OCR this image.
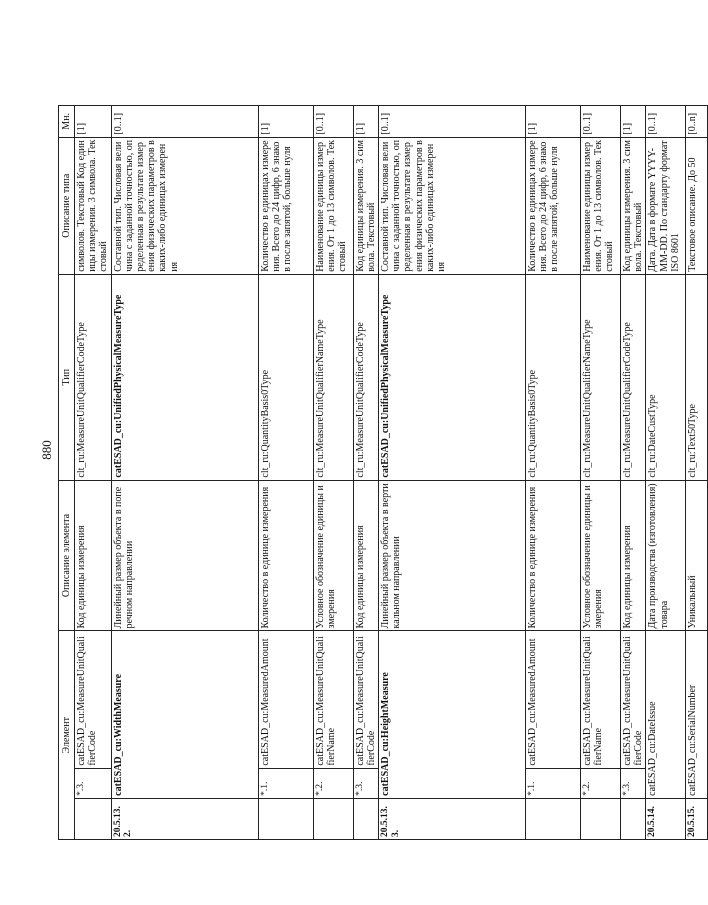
880
Элемент			Описание элемента	Тип	Описание типа	Мн.
	*.3.	catESAD_cu:MeasureUnitQualifierCode	Код единицы измерения	clt_ru:MeasureUnitQualifierCodeType	символов. Текстовый Код единицы измерения. 3 символа. Текстовый	[1]
20.5.13.2.	catESAD_cu:WidthMeasure		Линейный размер объекта в поперечном направлении	catESAD_cu:UnifiedPhysicalMeasureType	Составной тип. Числовая величина с заданной точностью, определенная в результате измерения физических параметров в каких-либо единицах измерения	[0..1]
	*.1.	catESAD_cu:MeasuredAmount	Количество в единице измерения	clt_ru:QuantityBasis0Type	Количество в единицах измерения. Всего до 24 цифр, 6 знаков после запятой, больше нуля	[1]
	*.2.	catESAD_cu:MeasureUnitQualifierName	Условное обозначение единицы измерения	clt_ru:MeasureUnitQualifierNameType	Наименование единицы измерения. От 1 до 13 символов. Текстовый	[0..1]
	*.3.	catESAD_cu:MeasureUnitQualifierCode	Код единицы измерения	clt_ru:MeasureUnitQualifierCodeType	Код единицы измерения. 3 символа. Текстовый	[1]
20.5.13.3.	catESAD_cu:HeightMeasure		Линейный размер объекта в вертикальном направлении	catESAD_cu:UnifiedPhysicalMeasureType	Составной тип. Числовая величина с заданной точностью, определенная в результате измерения физических параметров в каких-либо единицах измерения	[0..1]
	*.1.	catESAD_cu:MeasuredAmount	Количество в единице измерения	clt_ru:QuantityBasis0Type	Количество в единицах измерения. Всего до 24 цифр, 6 знаков после запятой, больше нуля	[1]
	*.2.	catESAD_cu:MeasureUnitQualifierName	Условное обозначение единицы измерения	clt_ru:MeasureUnitQualifierNameType	Наименование единицы измерения. От 1 до 13 символов. Текстовый	[0..1]
	*.3.	catESAD_cu:MeasureUnitQualifierCode	Код единицы измерения	clt_ru:MeasureUnitQualifierCodeType	Код единицы измерения. 3 символа. Текстовый	[1]
20.5.14.	catESAD_cu:DateIssue		Дата производства (изготовления) товара	clt_ru:DateCustType	Дата. Дата в формате YYYY-MM-DD. По стандарту формат ISO 8601	[0..1]
20.5.15.	catESAD_cu:SerialNumber		Уникальный	clt_ru:Text50Type	Текстовое описание. До 50	[0..n]
